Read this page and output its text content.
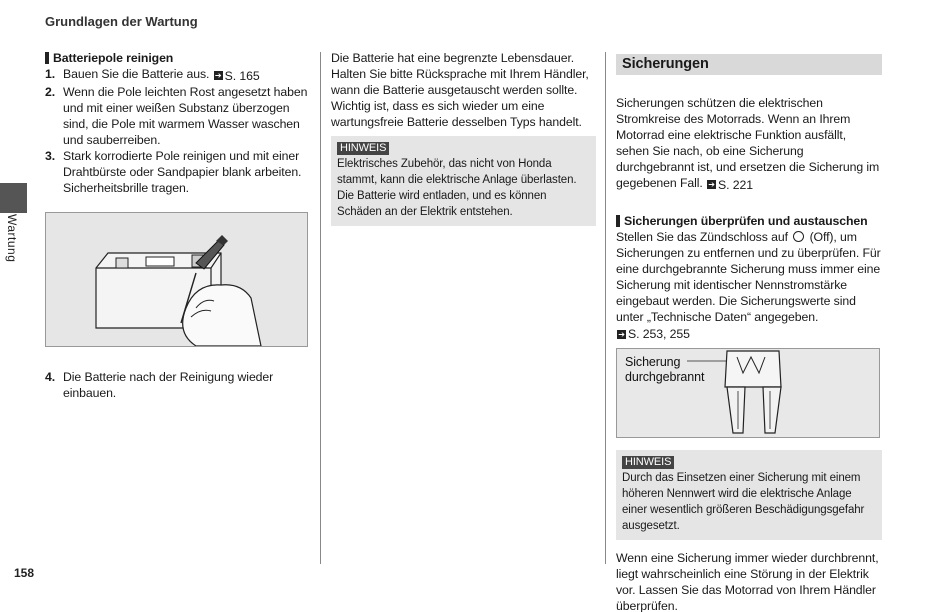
Grundlagen der Wartung
Wartung
Batteriepole reinigen
1. Bauen Sie die Batterie aus. ➔ S. 165
2. Wenn die Pole leichten Rost angesetzt haben und mit einer weißen Substanz überzogen sind, die Pole mit warmem Wasser waschen und sauberreiben.
3. Stark korrodierte Pole reinigen und mit einer Drahtbürste oder Sandpapier blank arbeiten. Sicherheitsbrille tragen.
4. Die Batterie nach der Reinigung wieder einbauen.

Die Batterie hat eine begrenzte Lebensdauer. Halten Sie bitte Rücksprache mit Ihrem Händler, wann die Batterie ausgetauscht werden sollte. Wichtig ist, dass es sich wieder um eine wartungsfreie Batterie desselben Typs handelt.

HINWEIS

Elektrisches Zubehör, das nicht von Honda stammt, kann die elektrische Anlage überlasten. Die Batterie wird entladen, und es können Schäden an der Elektrik entstehen.

Sicherungen

Sicherungen schützen die elektrischen Stromkreise des Motorrads. Wenn an Ihrem Motorrad eine elektrische Funktion ausfällt, sehen Sie nach, ob eine Sicherung durchgebrannt ist, und ersetzen die Sicherung im gegebenen Fall. ➔ S. 221

Sicherungen überprüfen und austauschen

Stellen Sie das Zündschloss auf (Off), um Sicherungen zu entfernen und zu überprüfen. Für eine durchgebrannte Sicherung muss immer eine Sicherung mit identischer Nennstromstärke eingebaut werden. Die Sicherungswerte sind unter „Technische Daten“ angegeben.
➔ S. 253, 255

Sicherung
durchgebrannt
HINWEIS

Durch das Einsetzen einer Sicherung mit einem höheren Nennwert wird die elektrische Anlage einer wesentlich größeren Beschädigungsgefahr ausgesetzt.

Wenn eine Sicherung immer wieder durchbrennt, liegt wahrscheinlich eine Störung in der Elektrik vor. Lassen Sie das Motorrad von Ihrem Händler überprüfen.

158
